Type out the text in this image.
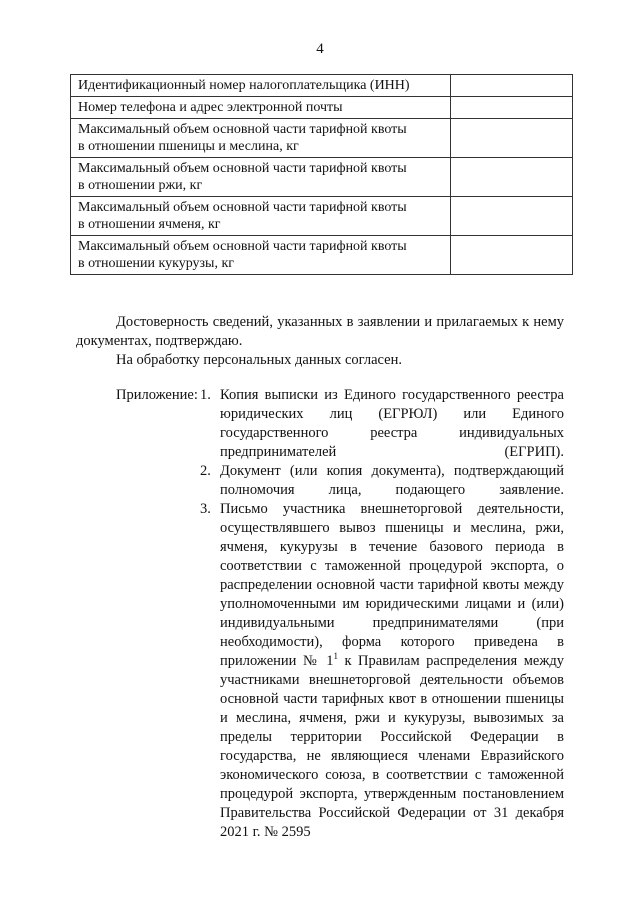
4
Идентификационный номер налогоплательщика (ИНН)	
Номер телефона и адрес электронной почты	
Максимальный объем основной части тарифной квоты
в отношении пшеницы и меслина, кг	
Максимальный объем основной части тарифной квоты
в отношении ржи, кг	
Максимальный объем основной части тарифной квоты
в отношении ячменя, кг	
Максимальный объем основной части тарифной квоты
в отношении кукурузы, кг	
Достоверность сведений, указанных в заявлении и прилагаемых к нему документах, подтверждаю.
На обработку персональных данных согласен.
Приложение: 1. Копия выписки из Единого государственного реестра юридических лиц (ЕГРЮЛ) или Единого государственного реестра индивидуальных предпринимателей (ЕГРИП).
2. Документ (или копия документа), подтверждающий полномочия лица, подающего заявление.
3. Письмо участника внешнеторговой деятельности, осуществлявшего вывоз пшеницы и меслина, ржи, ячменя, кукурузы в течение базового периода в соответствии с таможенной процедурой экспорта, о распределении основной части тарифной квоты между уполномоченными им юридическими лицами и (или) индивидуальными предпринимателями (при необходимости), форма которого приведена в приложении № $1^1$ к Правилам распределения между участниками внешнеторговой деятельности объемов основной части тарифных квот в отношении пшеницы и меслина, ячменя, ржи и кукурузы, вывозимых за пределы территории Российской Федерации в государства, не являющиеся членами Евразийского экономического союза, в соответствии с таможенной процедурой экспорта, утвержденным постановлением Правительства Российской Федерации от 31 декабря 2021 г. № 2595
